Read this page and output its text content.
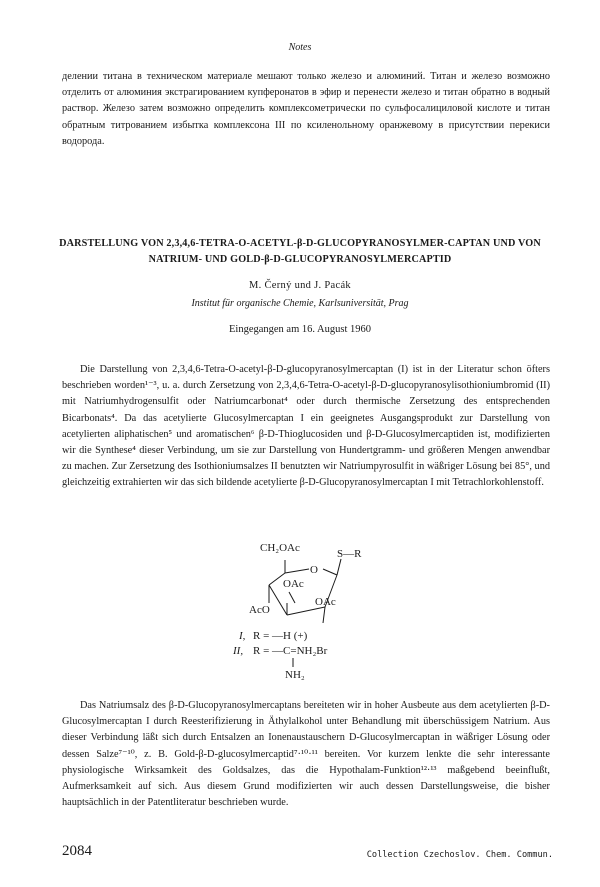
Notes

делении титана в техническом материале мешают только железо и алюминий. Титан и железо возможно отделить от алюминия экстрагированием купферонатов в эфир и перенести железо и титан обратно в водный раствор. Железо затем возможно определить комплексометрически по сульфосалициловой кислоте и титан обратным титрованием избытка комплексона III по ксиленольному оранжевому в присутствии перекиси водорода.

DARSTELLUNG VON 2,3,4,6-TETRA-O-ACETYL-β-D-GLUCOPYRANOSYLMER-CAPTAN UND VON NATRIUM- UND GOLD-β-D-GLUCOPYRANOSYLMERCAPTID
M. Černý und J. Pacák
Institut für organische Chemie, Karlsuniversität, Prag
Eingegangen am 16. August 1960

Die Darstellung von 2,3,4,6-Tetra-O-acetyl-β-D-glucopyranosylmercaptan (I) ist in der Literatur schon öfters beschrieben worden¹⁻³, u. a. durch Zersetzung von 2,3,4,6-Tetra-O-acetyl-β-D-glucopyranosylisothioniumbromid (II) mit Natriumhydrogensulfit oder Natriumcarbonat⁴ oder durch thermische Zersetzung des entsprechenden Bicarbonats⁴. Da das acetylierte Glucosylmercaptan I ein geeignetes Ausgangsprodukt zur Darstellung von acetylierten aliphatischen⁵ und aromatischen⁶ β-D-Thioglucosiden und β-D-Glucosylmercaptiden ist, modifizierten wir die Synthese⁴ dieser Verbindung, um sie zur Darstellung von Hundertgramm- und größeren Mengen anwendbar zu machen. Zur Zersetzung des Isothioniumsalzes II benutzten wir Natriumpyrosulfit in wäßriger Lösung bei 85°, und gleichzeitig extrahierten wir das sich bildende acetylierte β-D-Glucopyranosylmercaptan I mit Tetrachlorkohlenstoff.

CH₂OAc
O
S—R
OAc
AcO
OAc
I, R = —H (+)
II, R = —C=NH₂Br
NH₂

Das Natriumsalz des β-D-Glucopyranosylmercaptans bereiteten wir in hoher Ausbeute aus dem acetylierten β-D-Glucosylmercaptan I durch Reesterifizierung in Äthylalkohol unter Behandlung mit überschüssigem Natrium. Aus dieser Verbindung läßt sich durch Entsalzen an Ionenaustauschern D-Glucosylmercaptan in wäßriger Lösung oder dessen Salze⁷⁻¹⁰, z. B. Gold-β-D-glucosylmercaptid⁷·¹⁰·¹¹ bereiten. Vor kurzem lenkte die sehr interessante physiologische Wirksamkeit des Goldsalzes, das die Hypothalam-Funktion¹²·¹³ maßgebend beeinflußt, Aufmerksamkeit auf sich. Aus diesem Grund modifizierten wir auch dessen Darstellungsweise, die bisher hauptsächlich in der Patentliteratur beschrieben wurde.

2084	Collection Czechoslov. Chem. Commun.
